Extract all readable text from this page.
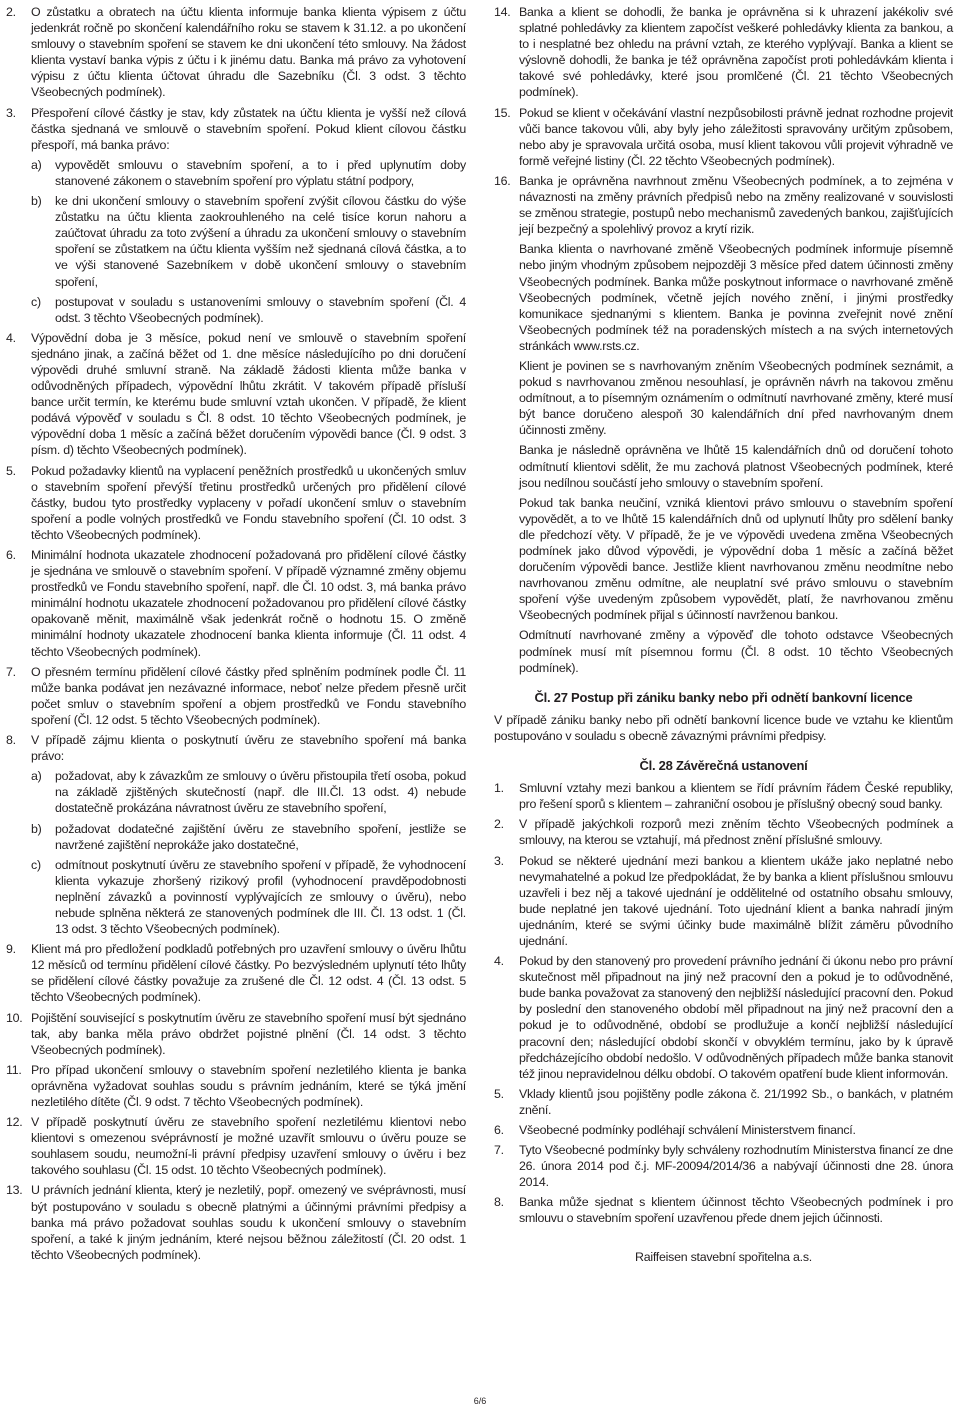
2. O zůstatku a obratech na účtu klienta informuje banka klienta výpisem z účtu jedenkrát ročně po skončení kalendářního roku se stavem k 31.12. a po ukončení smlouvy o stavebním spoření se stavem ke dni ukončení této smlouvy. Na žádost klienta vystaví banka výpis z účtu i k jinému datu. Banka má právo za vyhotovení výpisu z účtu klienta účtovat úhradu dle Sazebníku (Čl. 3 odst. 3 těchto Všeobecných podmínek).
3. Přespoření cílové částky je stav, kdy zůstatek na účtu klienta je vyšší než cílová částka sjednaná ve smlouvě o stavebním spoření. Pokud klient cílovou částku přespoří, má banka právo:
a) vypovědět smlouvu o stavebním spoření, a to i před uplynutím doby stanovené zákonem o stavebním spoření pro výplatu státní podpory,
b) ke dni ukončení smlouvy o stavebním spoření zvýšit cílovou částku do výše zůstatku na účtu klienta zaokrouhleného na celé tisíce korun nahoru a zaúčtovat úhradu za toto zvýšení a úhradu za ukončení smlouvy o stavebním spoření se zůstatkem na účtu klienta vyšším než sjednaná cílová částka, a to ve výši stanovené Sazebníkem v době ukončení smlouvy o stavebním spoření,
c) postupovat v souladu s ustanoveními smlouvy o stavebním spoření (Čl. 4 odst. 3 těchto Všeobecných podmínek).
4. Výpovědní doba je 3 měsíce, pokud není ve smlouvě o stavebním spoření sjednáno jinak, a začíná běžet od 1. dne měsíce následujícího po dni doručení výpovědi druhé smluvní straně. Na základě žádosti klienta může banka v odůvodněných případech, výpovědní lhůtu zkrátit. V takovém případě přísluší bance určit termín, ke kterému bude smluvní vztah ukončen. V případě, že klient podává výpověď v souladu s Čl. 8 odst. 10 těchto Všeobecných podmínek, je výpovědní doba 1 měsíc a začíná běžet doručením výpovědi bance (Čl. 9 odst. 3 písm. d) těchto Všeobecných podmínek).
5. Pokud požadavky klientů na vyplacení peněžních prostředků u ukončených smluv o stavebním spoření převýší třetinu prostředků určených pro přidělení cílové částky, budou tyto prostředky vyplaceny v pořadí ukončení smluv o stavebním spoření a podle volných prostředků ve Fondu stavebního spoření (Čl. 10 odst. 3 těchto Všeobecných podmínek).
6. Minimální hodnota ukazatele zhodnocení požadovaná pro přidělení cílové částky je sjednána ve smlouvě o stavebním spoření. V případě významné změny objemu prostředků ve Fondu stavebního spoření, např. dle Čl. 10 odst. 3, má banka právo minimální hodnotu ukazatele zhodnocení požadovanou pro přidělení cílové částky opakovaně měnit, maximálně však jedenkrát ročně o hodnotu 15. O změně minimální hodnoty ukazatele zhodnocení banka klienta informuje (Čl. 11 odst. 4 těchto Všeobecných podmínek).
7. O přesném termínu přidělení cílové částky před splněním podmínek podle Čl. 11 může banka podávat jen nezávazné informace, neboť nelze předem přesně určit počet smluv o stavebním spoření a objem prostředků ve Fondu stavebního spoření (Čl. 12 odst. 5 těchto Všeobecných podmínek).
8. V případě zájmu klienta o poskytnutí úvěru ze stavebního spoření má banka právo:
a) požadovat, aby k závazkům ze smlouvy o úvěru přistoupila třetí osoba, pokud na základě zjištěných skutečností (např. dle III.Čl. 13 odst. 4) nebude dostatečně prokázána návratnost úvěru ze stavebního spoření,
b) požadovat dodatečné zajištění úvěru ze stavebního spoření, jestliže se navržené zajištění neprokáže jako dostatečné,
c) odmítnout poskytnutí úvěru ze stavebního spoření v případě, že vyhodnocení klienta vykazuje zhoršený rizikový profil (vyhodnocení pravděpodobnosti neplnění závazků a povinností vyplývajících ze smlouvy o úvěru), nebo nebude splněna některá ze stanovených podmínek dle III. Čl. 13 odst. 1 (Čl. 13 odst. 3 těchto Všeobecných podmínek).
9. Klient má pro předložení podkladů potřebných pro uzavření smlouvy o úvěru lhůtu 12 měsíců od termínu přidělení cílové částky. Po bezvýsledném uplynutí této lhůty se přidělení cílové částky považuje za zrušené dle Čl. 12 odst. 4 (Čl. 13 odst. 5 těchto Všeobecných podmínek).
10. Pojištění související s poskytnutím úvěru ze stavebního spoření musí být sjednáno tak, aby banka měla právo obdržet pojistné plnění (Čl. 14 odst. 3 těchto Všeobecných podmínek).
11. Pro případ ukončení smlouvy o stavebním spoření nezletilého klienta je banka oprávněna vyžadovat souhlas soudu s právním jednáním, které se týká jmění nezletilého dítěte (Čl. 9 odst. 7 těchto Všeobecných podmínek).
12. V případě poskytnutí úvěru ze stavebního spoření nezletilému klientovi nebo klientovi s omezenou svéprávností je možné uzavřít smlouvu o úvěru pouze se souhlasem soudu, neumožní-li právní předpisy uzavření smlouvy o úvěru i bez takového souhlasu (Čl. 15 odst. 10 těchto Všeobecných podmínek).
13. U právních jednání klienta, který je nezletilý, popř. omezený ve svéprávnosti, musí být postupováno v souladu s obecně platnými a účinnými právními předpisy a banka má právo požadovat souhlas soudu k ukončení smlouvy o stavebním spoření, a také k jiným jednáním, které nejsou běžnou záležitostí (Čl. 20 odst. 1 těchto Všeobecných podmínek).
14. Banka a klient se dohodli, že banka je oprávněna si k uhrazení jakékoliv své splatné pohledávky za klientem započíst veškeré pohledávky klienta za bankou, a to i nesplatné bez ohledu na právní vztah, ze kterého vyplývají. Banka a klient se výslovně dohodli, že banka je též oprávněna započíst proti pohledávkám klienta i takové své pohledávky, které jsou promlčené (Čl. 21 těchto Všeobecných podmínek).
15. Pokud se klient v očekávání vlastní nezpůsobilosti právně jednat rozhodne projevit vůči bance takovou vůli, aby byly jeho záležitosti spravovány určitým způsobem, nebo aby je spravovala určitá osoba, musí klient takovou vůli projevit výhradně ve formě veřejné listiny (Čl. 22 těchto Všeobecných podmínek).
16. Banka je oprávněna navrhnout změnu Všeobecných podmínek, a to zejména v návaznosti na změny právních předpisů nebo na změny realizované v souvislosti se změnou strategie, postupů nebo mechanismů zavedených bankou, zajišťujících její bezpečný a spolehlivý provoz a krytí rizik.
Banka klienta o navrhované změně Všeobecných podmínek informuje písemně nebo jiným vhodným způsobem nejpozději 3 měsíce před datem účinnosti změny Všeobecných podmínek. Banka může poskytnout informace o navrhované změně Všeobecných podmínek, včetně jejích nového znění, i jinými prostředky komunikace sjednanými s klientem. Banka je povinna zveřejnit nové znění Všeobecných podmínek též na poradenských místech a na svých internetových stránkách www.rsts.cz.
Klient je povinen se s navrhovaným zněním Všeobecných podmínek seznámit, a pokud s navrhovanou změnou nesouhlasí, je oprávněn návrh na takovou změnu odmítnout, a to písemným oznámením o odmítnutí navrhované změny, které musí být bance doručeno alespoň 30 kalendářních dní před navrhovaným dnem účinnosti změny.
Banka je následně oprávněna ve lhůtě 15 kalendářních dnů od doručení tohoto odmítnutí klientovi sdělit, že mu zachová platnost Všeobecných podmínek, které jsou nedílnou součástí jeho smlouvy o stavebním spoření.
Pokud tak banka neučiní, vzniká klientovi právo smlouvu o stavebním spoření vypovědět, a to ve lhůtě 15 kalendářních dnů od uplynutí lhůty pro sdělení banky dle předchozí věty. V případě, že je ve výpovědi uvedena změna Všeobecných podmínek jako důvod výpovědi, je výpovědní doba 1 měsíc a začíná běžet doručením výpovědi bance. Jestliže klient navrhovanou změnu neodmítne nebo navrhovanou změnu odmítne, ale neuplatní své právo smlouvu o stavebním spoření výše uvedeným způsobem vypovědět, platí, že navrhovanou změnu Všeobecných podmínek přijal s účinností navrženou bankou.
Odmítnutí navrhované změny a výpověď dle tohoto odstavce Všeobecných podmínek musí mít písemnou formu (Čl. 8 odst. 10 těchto Všeobecných podmínek).
Čl. 27 Postup při zániku banky nebo při odnětí bankovní licence
V případě zániku banky nebo při odnětí bankovní licence bude ve vztahu ke klientům postupováno v souladu s obecně závaznými právními předpisy.
Čl. 28 Závěrečná ustanovení
1. Smluvní vztahy mezi bankou a klientem se řídí právním řádem České republiky, pro řešení sporů s klientem – zahraniční osobou je příslušný obecný soud banky.
2. V případě jakýchkoli rozporů mezi zněním těchto Všeobecných podmínek a smlouvy, na kterou se vztahují, má přednost znění příslušné smlouvy.
3. Pokud se některé ujednání mezi bankou a klientem ukáže jako neplatné nebo nevymahatelné a pokud lze předpokládat, že by banka a klient příslušnou smlouvu uzavřeli i bez něj a takové ujednání je oddělitelné od ostatního obsahu smlouvy, bude neplatné jen takové ujednání. Toto ujednání klient a banka nahradí jiným ujednáním, které se svými účinky bude maximálně blížit záměru původního ujednání.
4. Pokud by den stanovený pro provedení právního jednání či úkonu nebo pro právní skutečnost měl připadnout na jiný než pracovní den a pokud je to odůvodněné, bude banka považovat za stanovený den nejbližší následující pracovní den. Pokud by poslední den stanoveného období měl připadnout na jiný než pracovní den a pokud je to odůvodněné, období se prodlužuje a končí nejbližší následující pracovní den; následující období skončí v obvyklém termínu, jako by k úpravě předcházejícího období nedošlo. V odůvodněných případech může banka stanovit též jinou nepravidelnou délku období. O takovém opatření bude klient informován.
5. Vklady klientů jsou pojištěny podle zákona č. 21/1992 Sb., o bankách, v platném znění.
6. Všeobecné podmínky podléhají schválení Ministerstvem financí.
7. Tyto Všeobecné podmínky byly schváleny rozhodnutím Ministerstva financí ze dne 26. února 2014 pod č.j. MF-20094/2014/36 a nabývají účinnosti dne 28. února 2014.
8. Banka může sjednat s klientem účinnost těchto Všeobecných podmínek i pro smlouvu o stavebním spoření uzavřenou přede dnem jejich účinnosti.
Raiffeisen stavební spořitelna a.s.
6/6
